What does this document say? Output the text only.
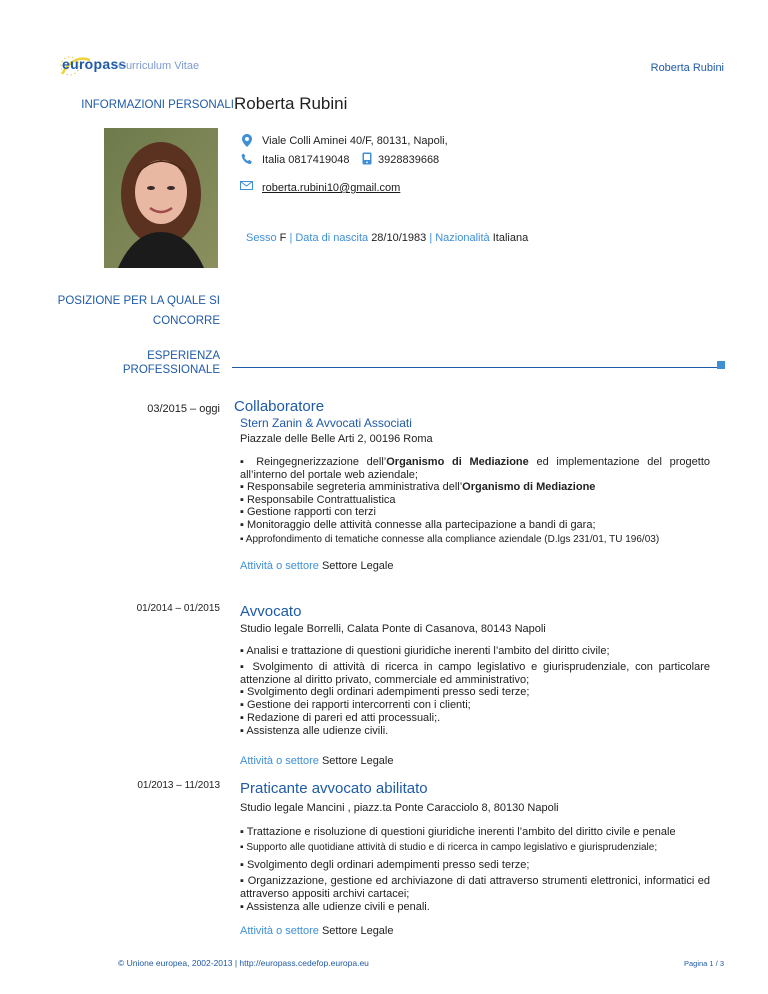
europass
Curriculum Vitae	Roberta Rubini
INFORMAZIONI PERSONALI Roberta Rubini
Viale Colli Aminei 40/F, 80131, Napoli,
Italia 0817419048	3928839668
roberta.rubini10@gmail.com
Sesso F | Data di nascita 28/10/1983 | Nazionalità Italiana
POSIZIONE PER LA QUALE SI
CONCORRE
ESPERIENZA
PROFESSIONALE
03/2015 – oggi Collaboratore
Stern Zanin & Avvocati Associati
Piazzale delle Belle Arti 2, 00196 Roma
▪ Reingegnerizzazione dell’Organismo di Mediazione ed implementazione del progetto all’interno del portale web aziendale;
▪ Responsabile segreteria amministrativa dell’Organismo di Mediazione
▪ Responsabile Contrattualistica
▪ Gestione rapporti con terzi
▪ Monitoraggio delle attività connesse alla partecipazione a bandi di gara;
▪ Approfondimento di tematiche connesse alla compliance aziendale (D.lgs 231/01, TU 196/03)
Attività o settore Settore Legale
01/2014 – 01/2015 Avvocato
Studio legale Borrelli, Calata Ponte di Casanova, 80143 Napoli
▪ Analisi e trattazione di questioni giuridiche inerenti l’ambito del diritto civile;
▪ Svolgimento di attività di ricerca in campo legislativo e giurisprudenziale, con particolare attenzione al diritto privato, commerciale ed amministrativo;
▪ Svolgimento degli ordinari adempimenti presso sedi terze;
▪ Gestione dei rapporti intercorrenti con i clienti;
▪ Redazione di pareri ed atti processuali;.
▪ Assistenza alle udienze civili.
Attività o settore Settore Legale
01/2013 – 11/2013 Praticante avvocato abilitato
Studio legale Mancini , piazz.ta Ponte Caracciolo 8, 80130 Napoli
▪ Trattazione e risoluzione di questioni giuridiche inerenti l’ambito del diritto civile e penale
▪ Supporto alle quotidiane attività di studio e di ricerca in campo legislativo e giurisprudenziale;
▪ Svolgimento degli ordinari adempimenti presso sedi terze;
▪ Organizzazione, gestione ed archiviazone di dati attraverso strumenti elettronici, informatici ed attraverso appositi archivi cartacei;
▪ Assistenza alle udienze civili e penali.
Attività o settore Settore Legale
© Unione europea, 2002-2013 | http://europass.cedefop.europa.eu	Pagina 1 / 3
